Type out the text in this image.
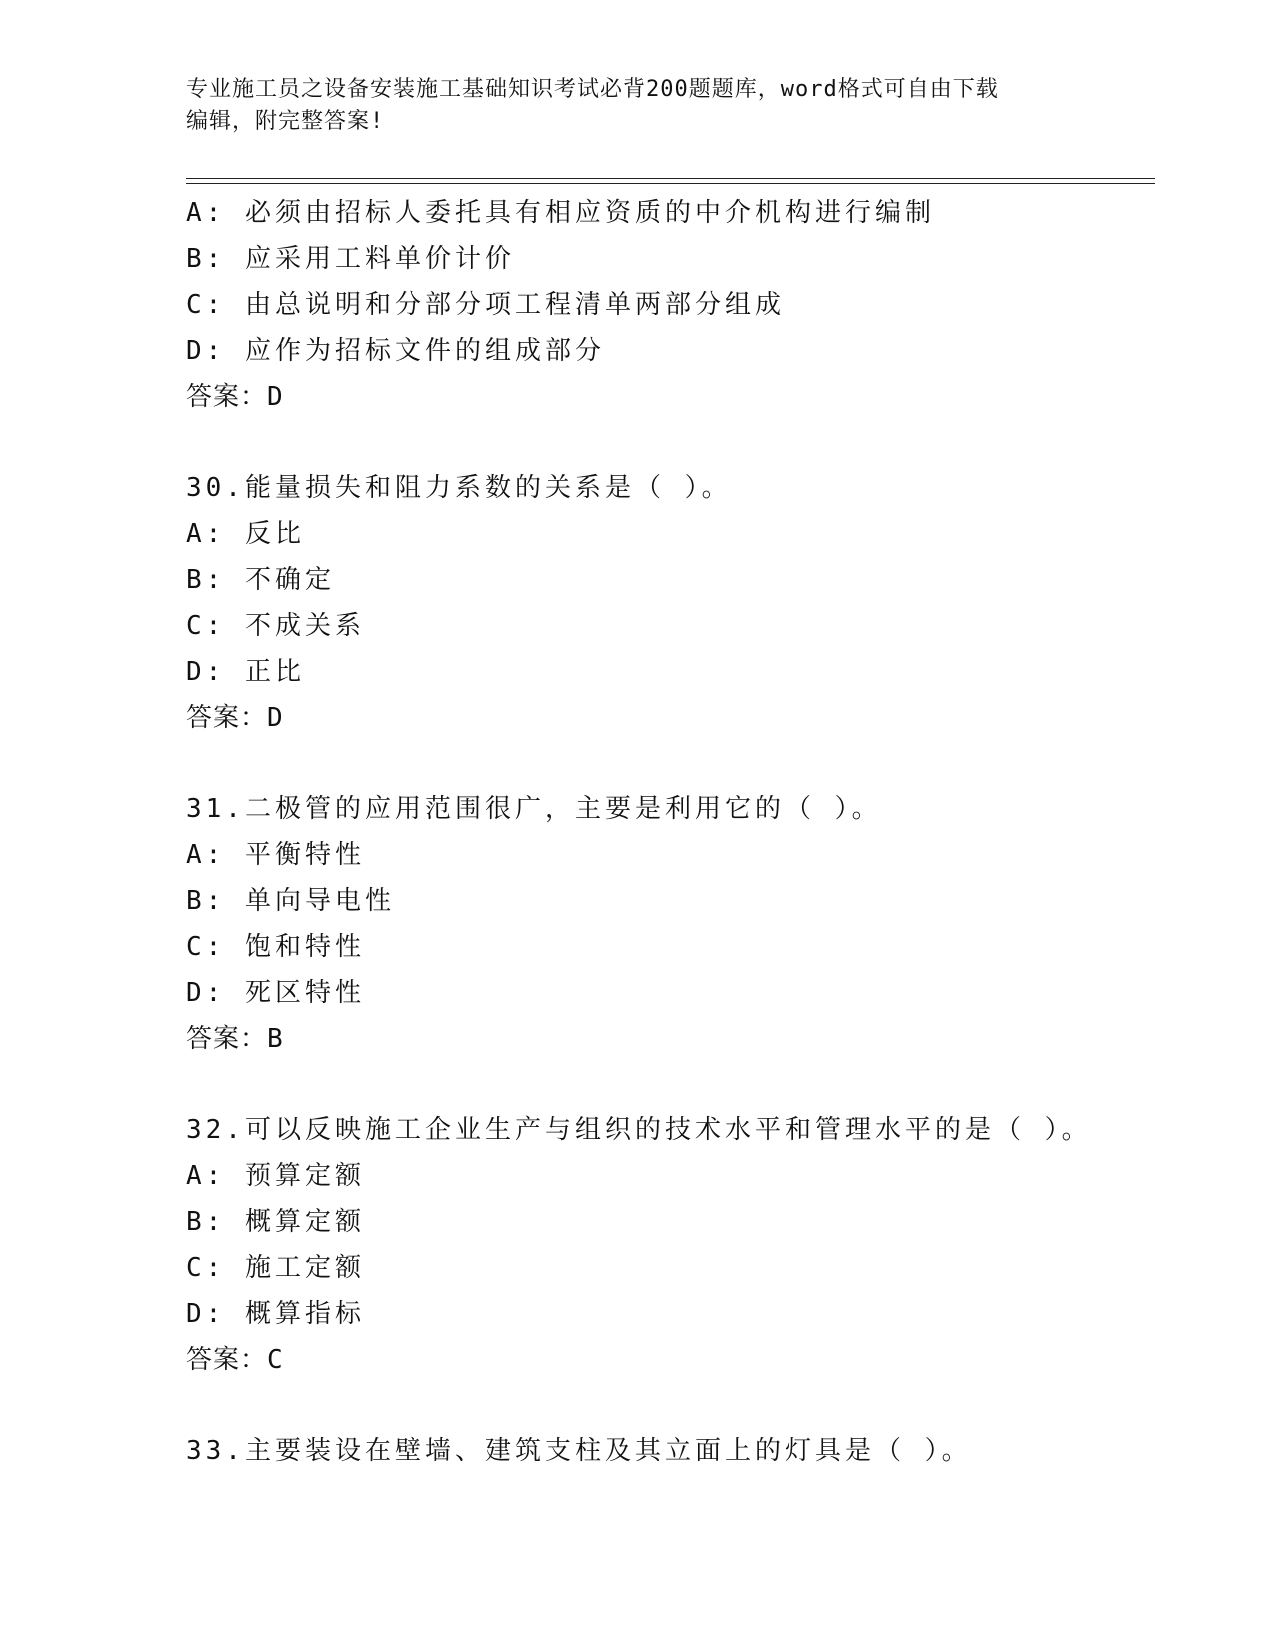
专业施工员之设备安装施工基础知识考试必背200题题库，word格式可自由下载

编辑，附完整答案!

A: 必须由招标人委托具有相应资质的中介机构进行编制
B: 应采用工料单价计价
C: 由总说明和分部分项工程清单两部分组成
D: 应作为招标文件的组成部分
答案：D
30.能量损失和阻力系数的关系是（ ）。
A: 反比
B: 不确定
C: 不成关系
D: 正比
答案：D
31.二极管的应用范围很广，主要是利用它的（ ）。
A: 平衡特性
B: 单向导电性
C: 饱和特性
D: 死区特性
答案：B
32.可以反映施工企业生产与组织的技术水平和管理水平的是（ ）。
A: 预算定额
B: 概算定额
C: 施工定额
D: 概算指标
答案：C
33.主要装设在壁墙、建筑支柱及其立面上的灯具是（ ）。
